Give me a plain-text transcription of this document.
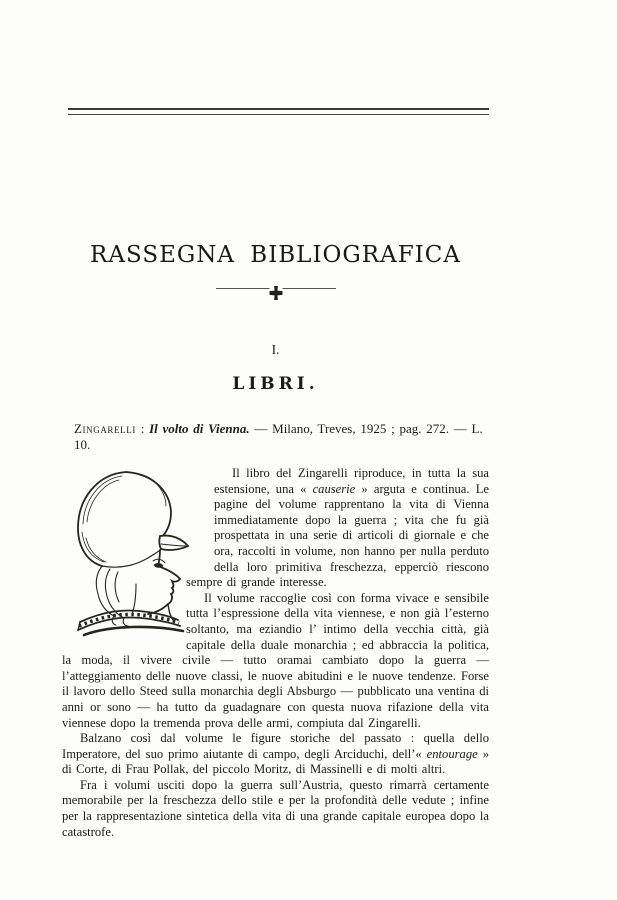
RASSEGNA BIBLIOGRAFICA
I.
LIBRI.

Zingarelli : Il volto di Vienna. — Milano, Treves, 1925 ; pag. 272. — L. 10.

Il libro del Zingarelli riproduce, in tutta la sua estensione, una « causerie » arguta e continua. Le pagine del volume rapprentano la vita di Vienna immediatamente dopo la guerra ; vita che fu già prospettata in una serie di articoli di giornale e che ora, raccolti in volume, non hanno per nulla perduto della loro primitiva freschezza, epperciò riescono sempre di grande interesse.

Il volume raccoglie così con forma vivace e sensibile tutta l’espressione della vita viennese, e non già l’esterno soltanto, ma eziandio l’ intimo della vecchia città, già capitale della duale monarchia ; ed abbraccia la politica, la moda, il vivere civile — tutto oramai cambiato dopo la guerra — l’atteggiamento delle nuove classi, le nuove abitudini e le nuove tendenze. Forse il lavoro dello Steed sulla monarchia degli Absburgo — pubblicato una ventina di anni or sono — ha tutto da guadagnare con questa nuova rifazione della vita viennese dopo la tremenda prova delle armi, compiuta dal Zingarelli.

Balzano così dal volume le figure storiche del passato : quella dello Imperatore, del suo primo aiutante di campo, degli Arciduchi, dell’« entourage » di Corte, di Frau Pollak, del piccolo Moritz, di Massinelli e di molti altri.

Fra i volumi usciti dopo la guerra sull’Austria, questo rimarrà certamente memorabile per la freschezza dello stile e per la profondità delle vedute ; infine per la rappresentazione sintetica della vita di una grande capitale europea dopo la catastrofe.
